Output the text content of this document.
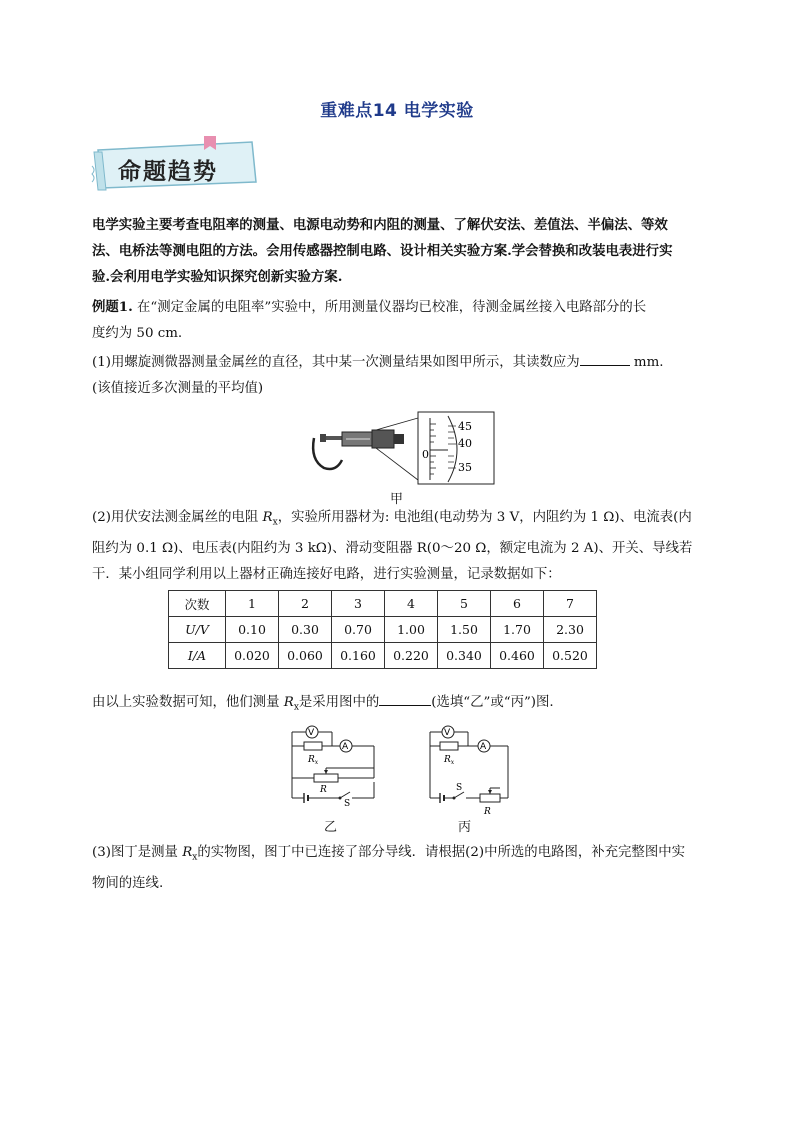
重难点14 电学实验
命题趋势
电学实验主要考查电阻率的测量、电源电动势和内阻的测量、了解伏安法、差值法、半偏法、等效
法、电桥法等测电阻的方法。会用传感器控制电路、设计相关实验方案.学会替换和改装电表进行实
验.会利用电学实验知识探究创新实验方案.
例题1. 在“测定金属的电阻率”实验中，所用测量仪器均已校准，待测金属丝接入电路部分的长
度约为 50 cm.
(1)用螺旋测微器测量金属丝的直径，其中某一次测量结果如图甲所示，其读数应为	mm.
(该值接近多次测量的平均值)
45
40
0
35
甲
(2)用伏安法测金属丝的电阻 $R_x$，实验所用器材为: 电池组(电动势为 3 V，内阻约为 1 Ω)、电流表(内
阻约为 0.1 Ω)、电压表(内阻约为 3 kΩ)、滑动变阻器 R(0～20 Ω，额定电流为 2 A)、开关、导线若
干．某小组同学利用以上器材正确连接好电路，进行实验测量，记录数据如下：
次数	1	2	3	4	5	6	7
U/V	0.10	0.30	0.70	1.00	1.50	1.70	2.30
I/A	0.020	0.060	0.160	0.220	0.340	0.460	0.520
由以上实验数据可知，他们测量 $R_x$是采用图中的	(选填“乙”或“丙”)图.
V
A
$R_x$
R
S
乙
V
A
$R_x$
S
R
丙
(3)图丁是测量 $R_x$的实物图，图丁中已连接了部分导线．请根据(2)中所选的电路图，补充完整图中实
物间的连线.
